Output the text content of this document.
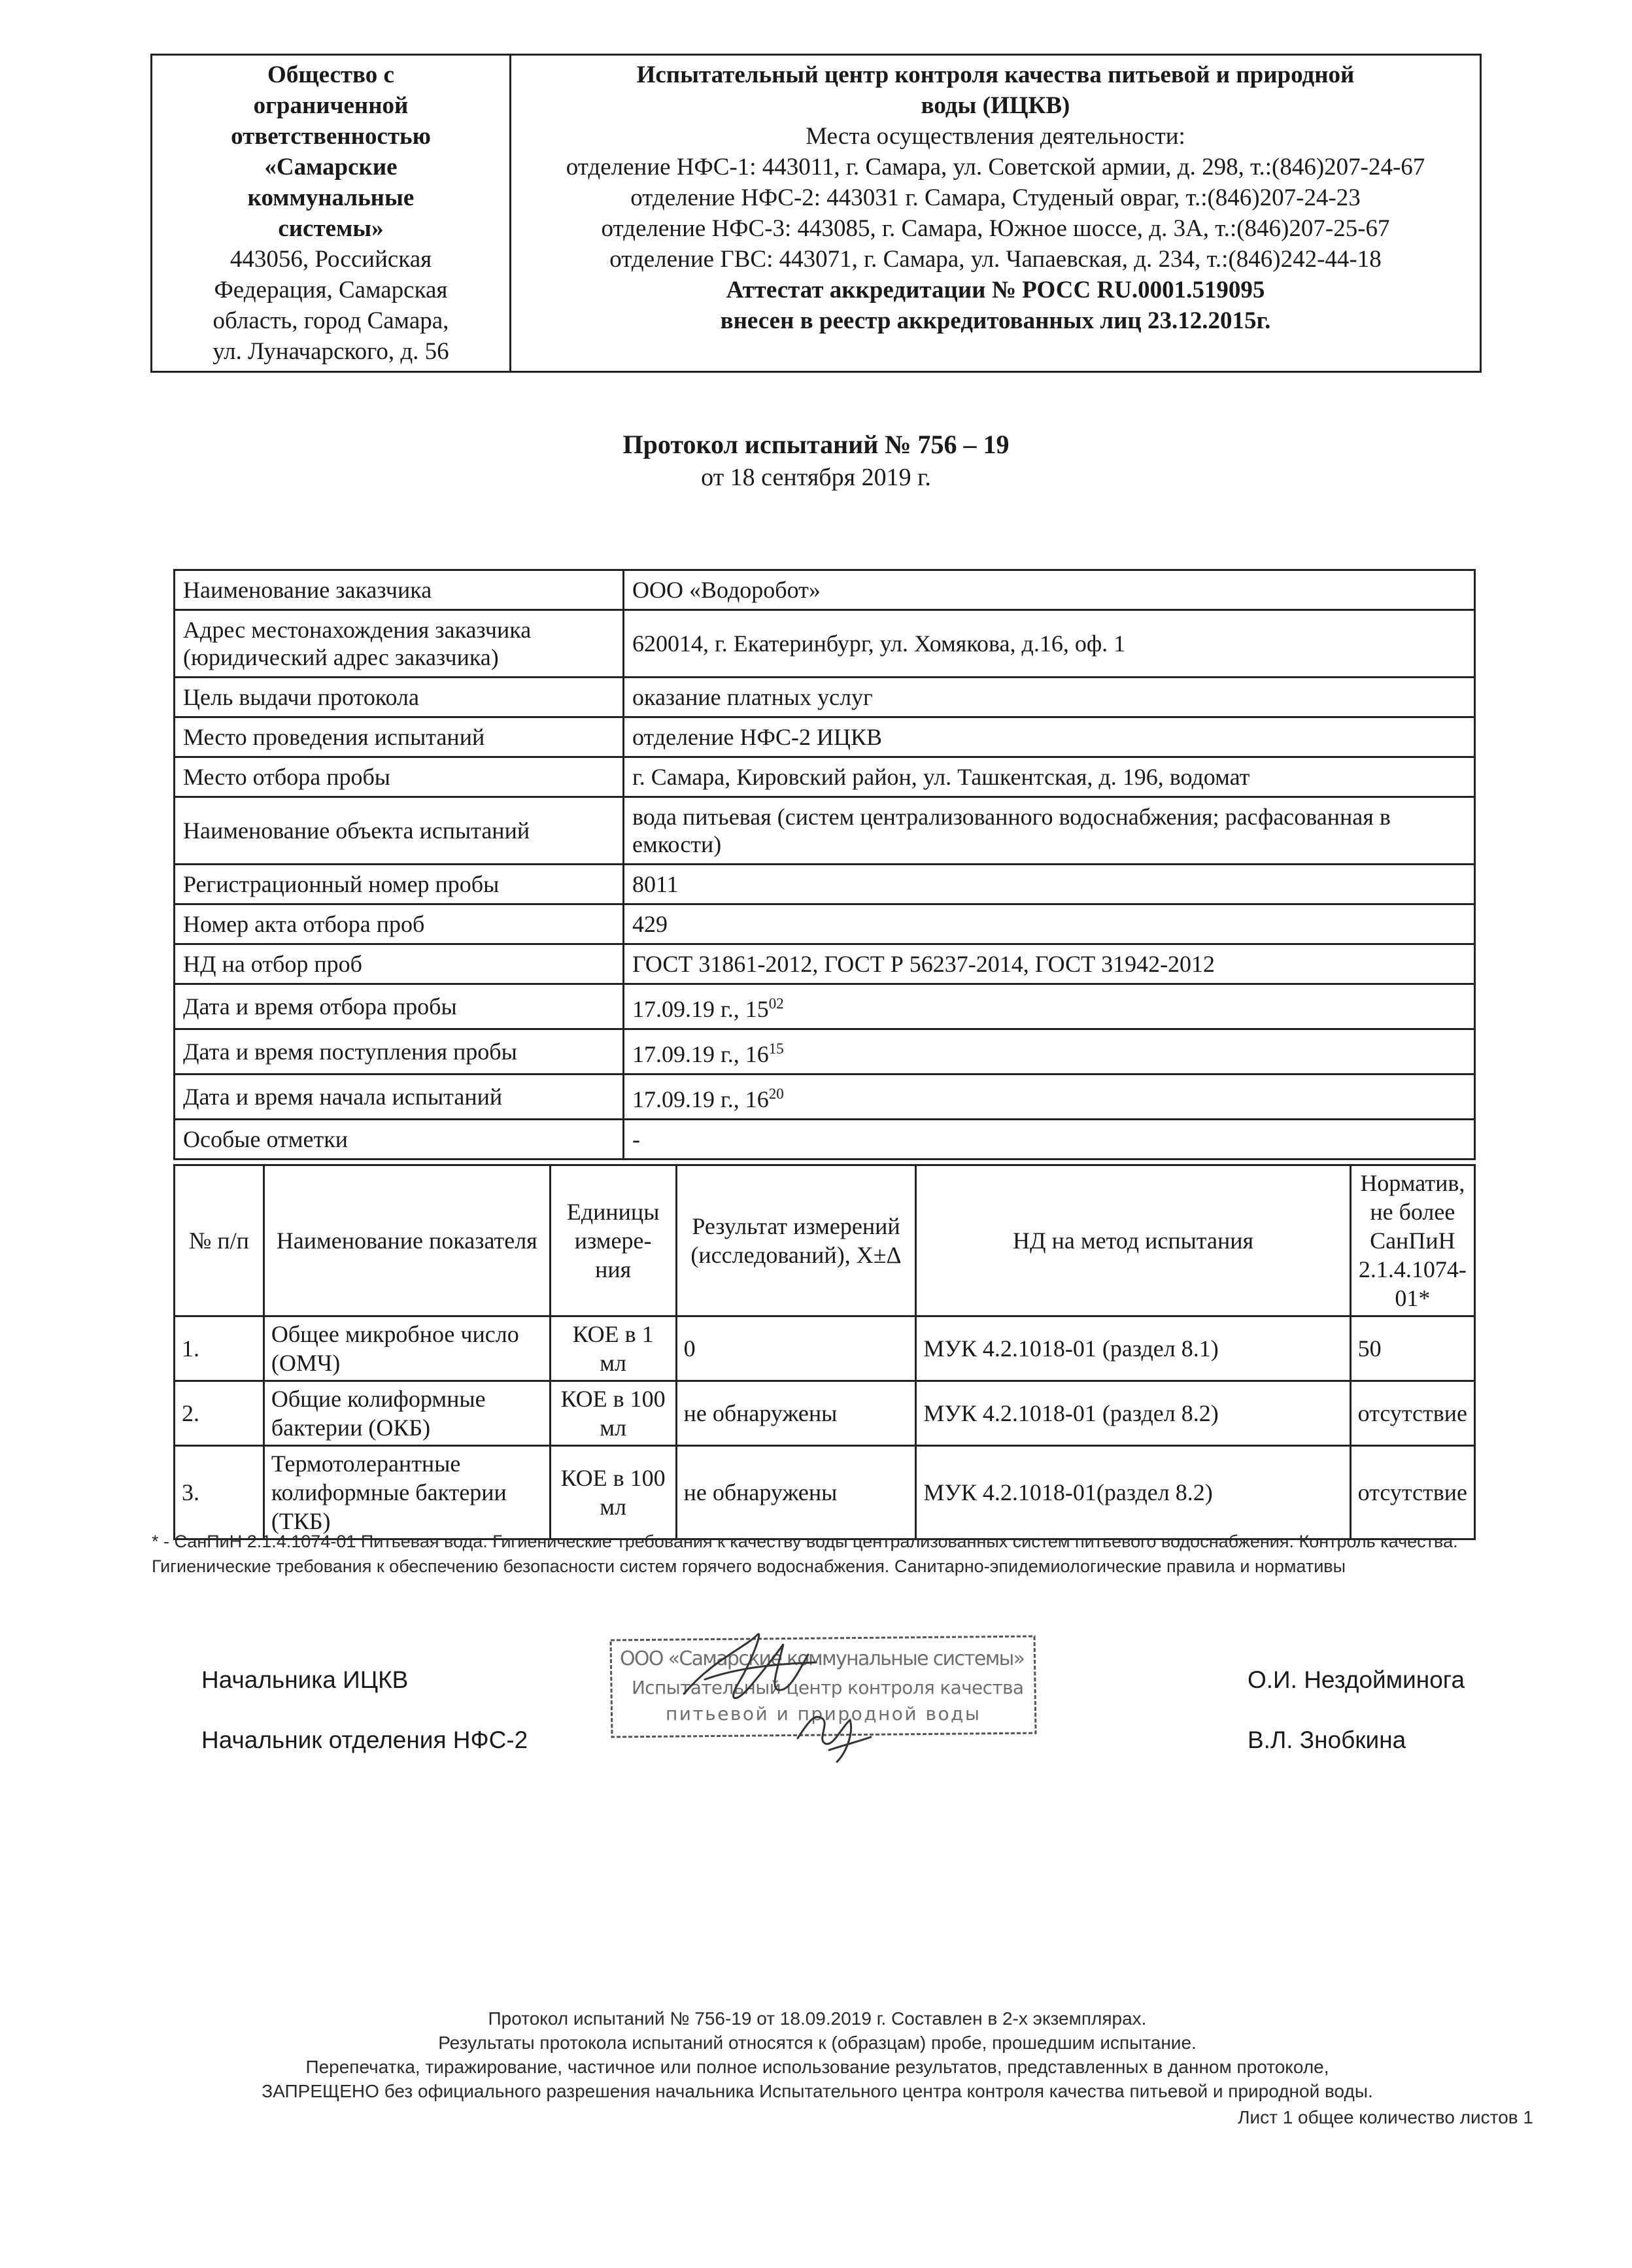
Общество с
ограниченной
ответственностью
«Самарские
коммунальные
системы»
443056, Российская
Федерация, Самарская
область, город Самара,
ул. Луначарского, д. 56

Испытательный центр контроля качества питьевой и природной
воды (ИЦКВ)
Места осуществления деятельности:
отделение НФС-1: 443011, г. Самара, ул. Советской армии, д. 298, т.:(846)207-24-67
отделение НФС-2: 443031 г. Самара, Студеный овраг, т.:(846)207-24-23
отделение НФС-3: 443085, г. Самара, Южное шоссе, д. 3А, т.:(846)207-25-67
отделение ГВС: 443071, г. Самара, ул. Чапаевская, д. 234, т.:(846)242-44-18
Аттестат аккредитации № РОСС RU.0001.519095
внесен в реестр аккредитованных лиц 23.12.2015г.
Протокол испытаний № 756 – 19
от 18 сентября 2019 г.
Наименование заказчика	ООО «Водоробот»
Адрес местонахождения заказчика (юридический адрес заказчика)	620014, г. Екатеринбург, ул. Хомякова, д.16, оф. 1
Цель выдачи протокола	оказание платных услуг
Место проведения испытаний	отделение НФС-2 ИЦКВ
Место отбора пробы	г. Самара, Кировский район, ул. Ташкентская, д. 196, водомат
Наименование объекта испытаний	вода питьевая (систем централизованного водоснабжения; расфасованная в емкости)
Регистрационный номер пробы	8011
Номер акта отбора проб	429
НД на отбор проб	ГОСТ 31861-2012, ГОСТ Р 56237-2014, ГОСТ 31942-2012
Дата и время отбора пробы	17.09.19 г., $15^{02}$
Дата и время поступления пробы	17.09.19 г., $16^{15}$
Дата и время начала испытаний	17.09.19 г., $16^{20}$
Особые отметки	-
№ п/п	Наименование показателя	Единицы измере-ния	Результат измерений (исследований), Х±Δ	НД на метод испытания	Норматив, не более СанПиН 2.1.4.1074-01*
1.	Общее микробное число (ОМЧ)	КОЕ в 1 мл	0	МУК 4.2.1018-01 (раздел 8.1)	50
2.	Общие колиформные бактерии (ОКБ)	КОЕ в 100 мл	не обнаружены	МУК 4.2.1018-01 (раздел 8.2)	отсутствие
3.	Термотолерантные колиформные бактерии (ТКБ)	КОЕ в 100 мл	не обнаружены	МУК 4.2.1018-01(раздел 8.2)	отсутствие
* - СанПиН 2.1.4.1074-01 Питьевая вода. Гигиенические требования к качеству воды централизованных систем питьевого водоснабжения. Контроль качества.
Гигиенические требования к обеспечению безопасности систем горячего водоснабжения. Санитарно-эпидемиологические правила и нормативы
Начальника ИЦКВ	О.И. Нездойминога
Начальник отделения НФС-2	В.Л. Знобкина
ООО «Самарские коммунальные системы»
Испытательный центр контроля качества
питьевой и природной воды
Протокол испытаний № 756-19 от 18.09.2019 г. Составлен в 2-х экземплярах.
Результаты протокола испытаний относятся к (образцам) пробе, прошедшим испытание.
Перепечатка, тиражирование, частичное или полное использование результатов, представленных в данном протоколе,
ЗАПРЕЩЕНО без официального разрешения начальника Испытательного центра контроля качества питьевой и природной воды.
Лист 1 общее количество листов 1
